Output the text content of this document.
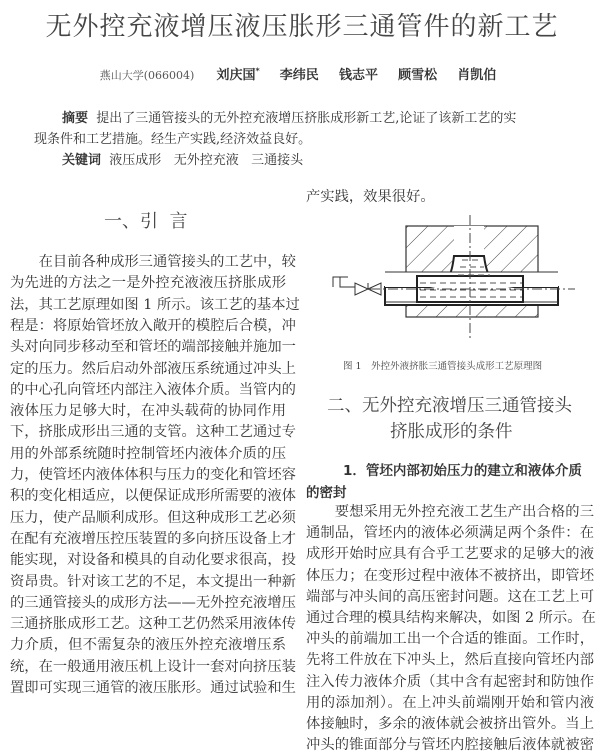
无外控充液增压液压胀形三通管件的新工艺
燕山大学(066004) 刘庆国* 李纬民 钱志平 顾雪松 肖凯伯
摘要 提出了三通管接头的无外控充液增压挤胀成形新工艺,论证了该新工艺的实
现条件和工艺措施。经生产实践,经济效益良好。
关键词 液压成形 无外控充液 三通接头
一、引  言
　　在目前各种成形三通管接头的工艺中，较
为先进的方法之一是外控充液液压挤胀成形
法，其工艺原理如图 1 所示。该工艺的基本过
程是：将原始管坯放入敞开的模腔后合模，冲
头对向同步移动至和管坯的端部接触并施加一
定的压力。然后启动外部液压系统通过冲头上
的中心孔向管坯内部注入液体介质。当管内的
液体压力足够大时，在冲头载荷的协同作用
下，挤胀成形出三通的支管。这种工艺通过专
用的外部系统随时控制管坯内液体介质的压
力，使管坯内液体体积与压力的变化和管坯容
积的变化相适应，以便保证成形所需要的液体
压力，使产品顺利成形。但这种成形工艺必须
在配有充液增压控压装置的多向挤压设备上才
能实现，对设备和模具的自动化要求很高，投
资昂贵。针对该工艺的不足，本文提出一种新
的三通管接头的成形方法——无外控充液增压
三通挤胀成形工艺。这种工艺仍然采用液体传
力介质，但不需复杂的液压外控充液增压系
统，在一般通用液压机上设计一套对向挤压装
置即可实现三通管的液压胀形。通过试验和生
产实践，效果很好。
图 1　外控外液挤胀三通管接头成形工艺原理图
二、无外控充液增压三通管接头
挤胀成形的条件
1．管坯内部初始压力的建立和液体介质
的密封
　　要想采用无外控充液工艺生产出合格的三
通制品，管坯内的液体必须满足两个条件：在
成形开始时应具有合乎工艺要求的足够大的液
体压力；在变形过程中液体不被挤出，即管坯
端部与冲头间的高压密封问题。这在工艺上可
通过合理的模具结构来解决，如图 2 所示。在
冲头的前端加工出一个合适的锥面。工作时，
先将工件放在下冲头上，然后直接向管坯内部
注入传力液体介质（其中含有起密封和防蚀作
用的添加剂）。在上冲头前端刚开始和管内液
体接触时，多余的液体就会被挤出管外。当上
冲头的锥面部分与管坯内腔接触后液体就被密
